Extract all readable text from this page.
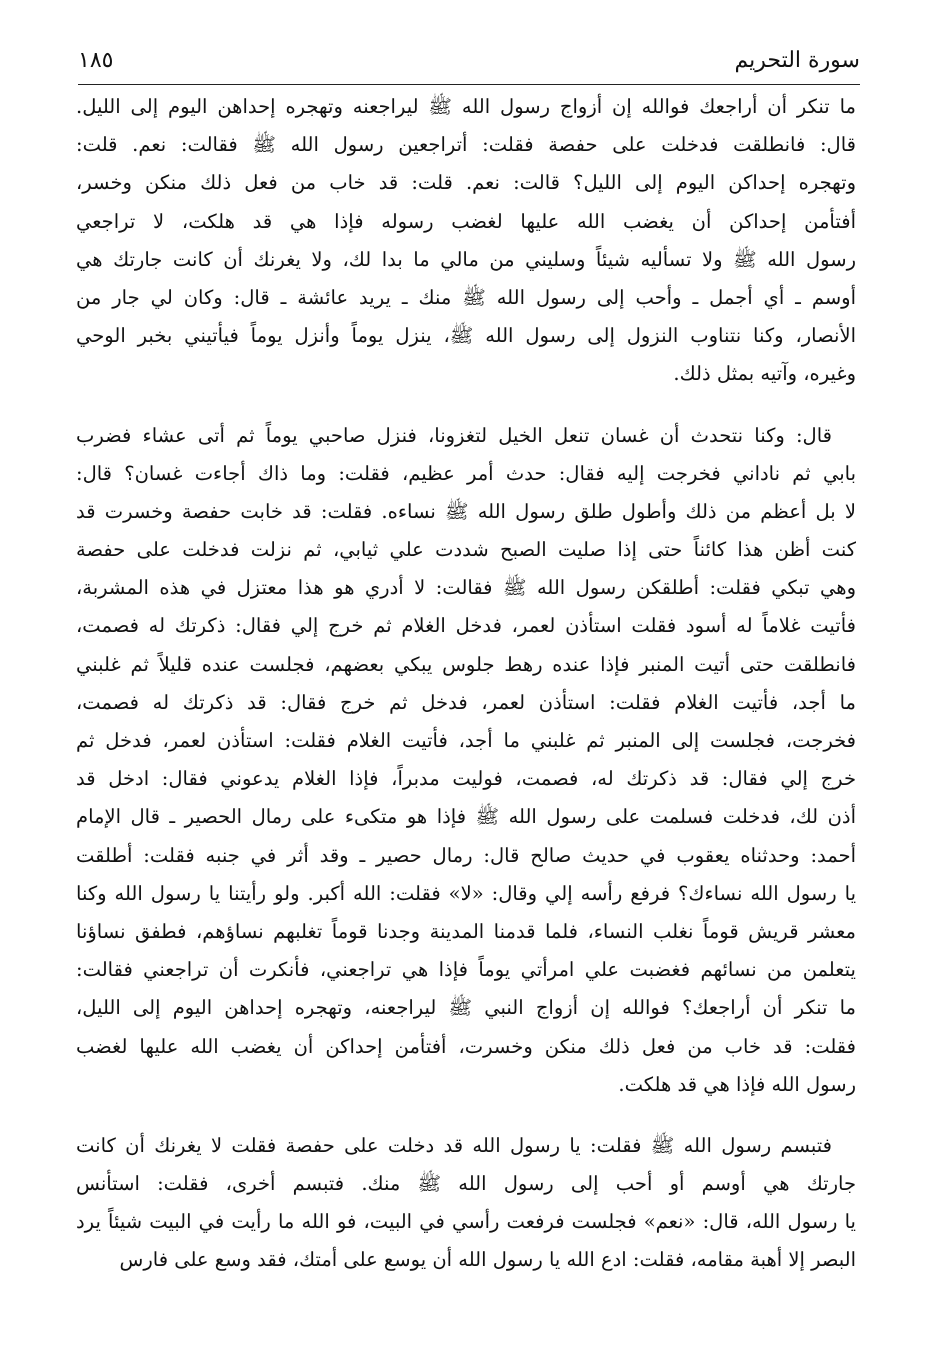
سورة التحريم
١٨٥
ما تنكر أن أراجعك فوالله إن أزواج رسول الله ﷺ ليراجعنه وتهجره إحداهن اليوم إلى الليل.
قال: فانطلقت فدخلت على حفصة فقلت: أتراجعين رسول الله ﷺ فقالت: نعم. قلت:
وتهجره إحداكن اليوم إلى الليل؟ قالت: نعم. قلت: قد خاب من فعل ذلك منكن وخسر،
أفتأمن إحداكن أن يغضب الله عليها لغضب رسوله فإذا هي قد هلكت، لا تراجعي
رسول الله ﷺ ولا تسأليه شيئاً وسليني من مالي ما بدا لك، ولا يغرنك أن كانت جارتك هي
أوسم ـ أي أجمل ـ وأحب إلى رسول الله ﷺ منك ـ يريد عائشة ـ قال: وكان لي جار من
الأنصار، وكنا نتناوب النزول إلى رسول الله ﷺ، ينزل يوماً وأنزل يوماً فيأتيني بخبر الوحي
وغيره، وآتيه بمثل ذلك.
قال: وكنا نتحدث أن غسان تنعل الخيل لتغزونا، فنزل صاحبي يوماً ثم أتى عشاء فضرب
بابي ثم ناداني فخرجت إليه فقال: حدث أمر عظيم، فقلت: وما ذاك أجاءت غسان؟ قال:
لا بل أعظم من ذلك وأطول طلق رسول الله ﷺ نساءه. فقلت: قد خابت حفصة وخسرت قد
كنت أظن هذا كائناً حتى إذا صليت الصبح شددت علي ثيابي، ثم نزلت فدخلت على حفصة
وهي تبكي فقلت: أطلقكن رسول الله ﷺ فقالت: لا أدري هو هذا معتزل في هذه المشربة،
فأتيت غلاماً له أسود فقلت استأذن لعمر، فدخل الغلام ثم خرج إلي فقال: ذكرتك له فصمت،
فانطلقت حتى أتيت المنبر فإذا عنده رهط جلوس يبكي بعضهم، فجلست عنده قليلاً ثم غلبني
ما أجد، فأتيت الغلام فقلت: استأذن لعمر، فدخل ثم خرج فقال: قد ذكرتك له فصمت،
فخرجت، فجلست إلى المنبر ثم غلبني ما أجد، فأتيت الغلام فقلت: استأذن لعمر، فدخل ثم
خرج إلي فقال: قد ذكرتك له، فصمت، فوليت مدبراً، فإذا الغلام يدعوني فقال: ادخل قد
أذن لك، فدخلت فسلمت على رسول الله ﷺ فإذا هو متكىء على رمال الحصير ـ قال الإمام
أحمد: وحدثناه يعقوب في حديث صالح قال: رمال حصير ـ وقد أثر في جنبه فقلت: أطلقت
يا رسول الله نساءك؟ فرفع رأسه إلي وقال: «لا» فقلت: الله أكبر. ولو رأيتنا يا رسول الله وكنا
معشر قريش قوماً نغلب النساء، فلما قدمنا المدينة وجدنا قوماً تغلبهم نساؤهم، فطفق نساؤنا
يتعلمن من نسائهم فغضبت علي امرأتي يوماً فإذا هي تراجعني، فأنكرت أن تراجعني فقالت:
ما تنكر أن أراجعك؟ فوالله إن أزواج النبي ﷺ ليراجعنه، وتهجره إحداهن اليوم إلى الليل،
فقلت: قد خاب من فعل ذلك منكن وخسرت، أفتأمن إحداكن أن يغضب الله عليها لغضب
رسول الله فإذا هي قد هلكت.
فتبسم رسول الله ﷺ فقلت: يا رسول الله قد دخلت على حفصة فقلت لا يغرنك أن كانت
جارتك هي أوسم أو أحب إلى رسول الله ﷺ منك. فتبسم أخرى، فقلت: استأنس
يا رسول الله، قال: «نعم» فجلست فرفعت رأسي في البيت، فو الله ما رأيت في البيت شيئاً يرد
البصر إلا أهبة مقامه، فقلت: ادع الله يا رسول الله أن يوسع على أمتك، فقد وسع على فارس
